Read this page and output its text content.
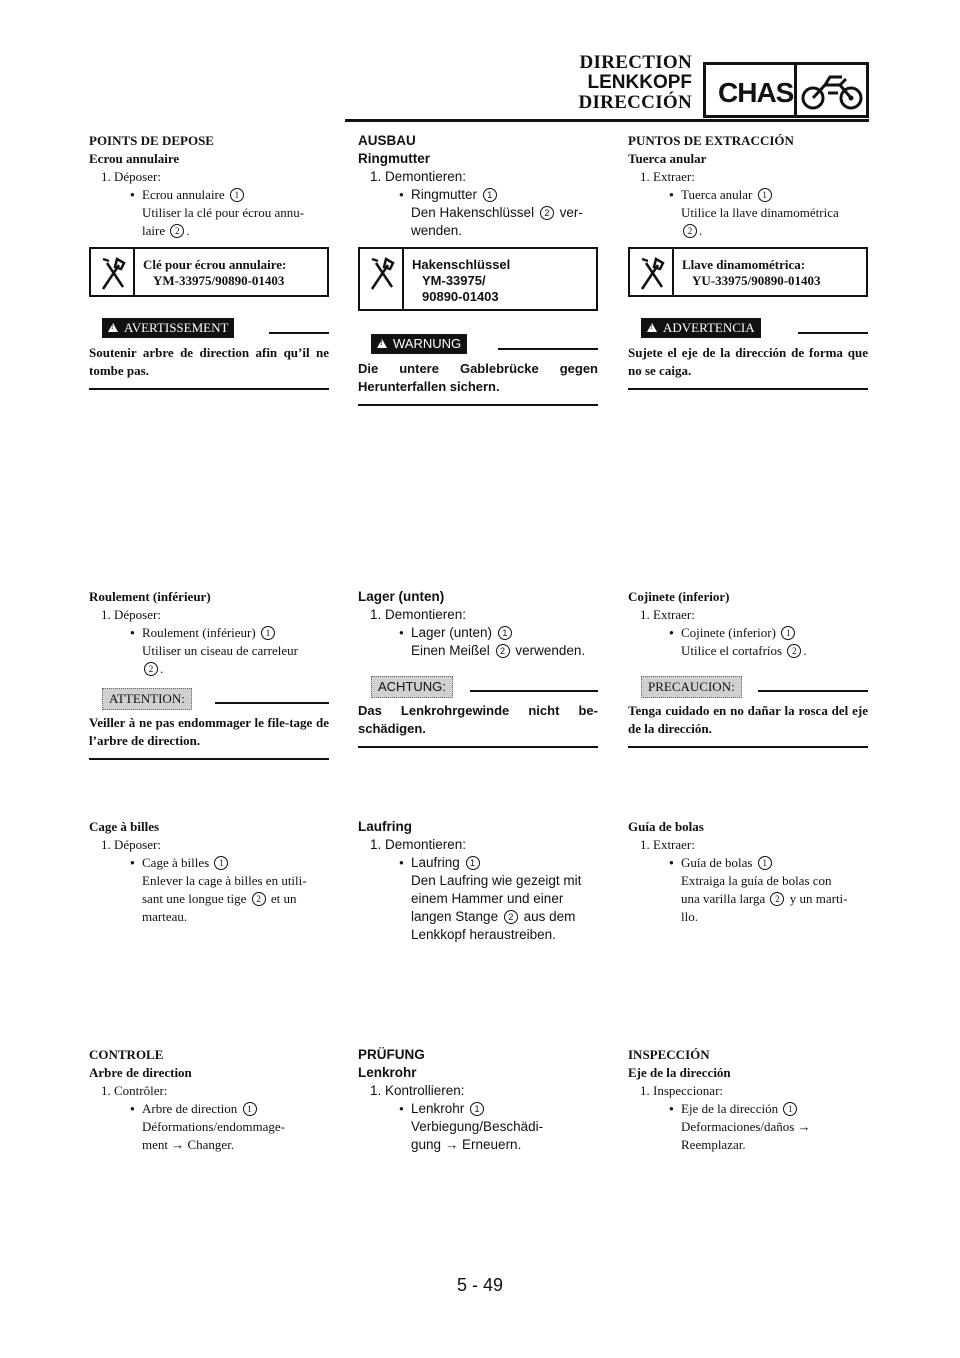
DIRECTION
LENKKOPF
DIRECCIÓN CHAS
POINTS DE DEPOSE
Ecrou annulaire
1. Déposer:
● Ecrou annulaire 1
Utiliser la clé pour écrou annu-
laire 2 .
Clé pour écrou annulaire:
YM-33975/90890-01403
!AVERTISSEMENT
Soutenir arbre de direction afin qu’il ne tombe pas.
Roulement (inférieur)
1. Déposer:
● Roulement (inférieur) 1
Utiliser un ciseau de carreleur
2 .
ATTENTION:
Veiller à ne pas endommager le file-tage de l’arbre de direction.
Cage à billes
1. Déposer:
● Cage à billes 1
Enlever la cage à billes en utili-
sant une longue tige 2 et un
marteau.
CONTROLE
Arbre de direction
1. Contrôler:
● Arbre de direction 1
Déformations/endommage-
ment → Changer.
AUSBAU
Ringmutter
1. Demontieren:
● Ringmutter 1
Den Hakenschlüssel 2 ver-
wenden.
Hakenschlüssel
YM-33975/
90890-01403
!WARNUNG
Die untere Gablebrücke gegen Herunterfallen sichern.
Lager (unten)
1. Demontieren:
● Lager (unten) 1
Einen Meißel 2 verwenden.
ACHTUNG:
Das Lenkrohrgewinde nicht be-schädigen.
Laufring
1. Demontieren:
● Laufring 1
Den Laufring wie gezeigt mit
einem Hammer und einer
langen Stange 2 aus dem
Lenkkopf heraustreiben.
PRÜFUNG
Lenkrohr
1. Kontrollieren:
● Lenkrohr 1
Verbiegung/Beschädi-
gung → Erneuern.
PUNTOS DE EXTRACCIÓN
Tuerca anular
1. Extraer:
● Tuerca anular 1
Utilice la llave dinamométrica
2 .
Llave dinamométrica:
YU-33975/90890-01403
!ADVERTENCIA
Sujete el eje de la dirección de forma que no se caiga.
Cojinete (inferior)
1. Extraer:
● Cojinete (inferior) 1
Utilice el cortafríos 2 .
PRECAUCION:
Tenga cuidado en no dañar la rosca del eje de la dirección.
Guía de bolas
1. Extraer:
● Guía de bolas 1
Extraiga la guía de bolas con
una varilla larga 2 y un marti-
llo.
INSPECCIÓN
Eje de la dirección
1. Inspeccionar:
● Eje de la dirección 1
Deformaciones/daños →
Reemplazar.
5 - 49
